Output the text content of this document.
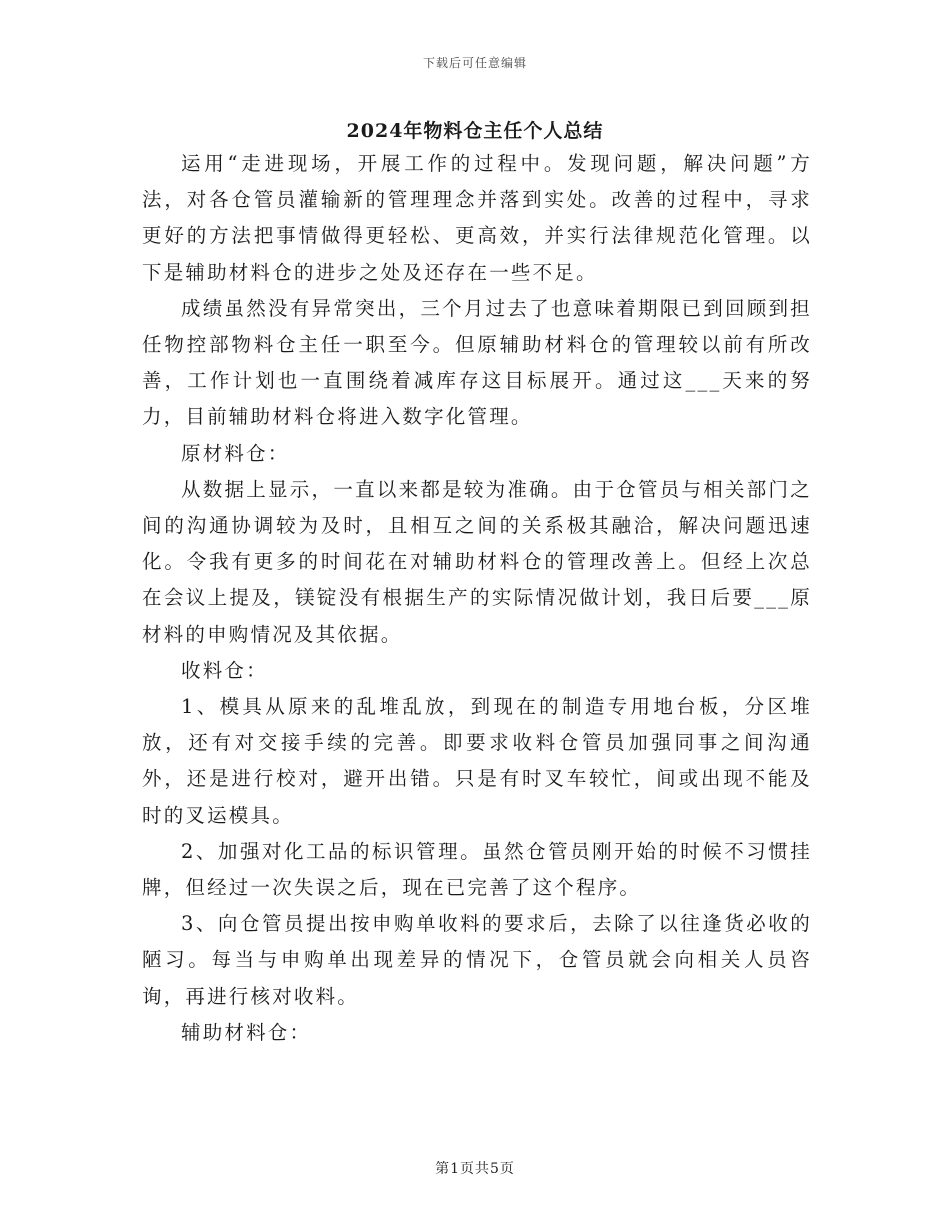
下载后可任意编辑
2024年物料仓主任个人总结

运用“走进现场，开展工作的过程中。发现问题，解决问题”方法，对各仓管员灌输新的管理理念并落到实处。改善的过程中，寻求更好的方法把事情做得更轻松、更高效，并实行法律规范化管理。以下是辅助材料仓的进步之处及还存在一些不足。

成绩虽然没有异常突出，三个月过去了也意味着期限已到回顾到担任物控部物料仓主任一职至今。但原辅助材料仓的管理较以前有所改善，工作计划也一直围绕着减库存这目标展开。通过这___天来的努力，目前辅助材料仓将进入数字化管理。

原材料仓：

从数据上显示，一直以来都是较为准确。由于仓管员与相关部门之间的沟通协调较为及时，且相互之间的关系极其融洽，解决问题迅速化。令我有更多的时间花在对辅助材料仓的管理改善上。但经上次总在会议上提及，镁锭没有根据生产的实际情况做计划，我日后要___原材料的申购情况及其依据。

收料仓：

1、模具从原来的乱堆乱放，到现在的制造专用地台板，分区堆放，还有对交接手续的完善。即要求收料仓管员加强同事之间沟通外，还是进行校对，避开出错。只是有时叉车较忙，间或出现不能及时的叉运模具。

2、加强对化工品的标识管理。虽然仓管员刚开始的时候不习惯挂牌，但经过一次失误之后，现在已完善了这个程序。

3、向仓管员提出按申购单收料的要求后，去除了以往逢货必收的陋习。每当与申购单出现差异的情况下，仓管员就会向相关人员咨询，再进行核对收料。

辅助材料仓：

第1页共5页
